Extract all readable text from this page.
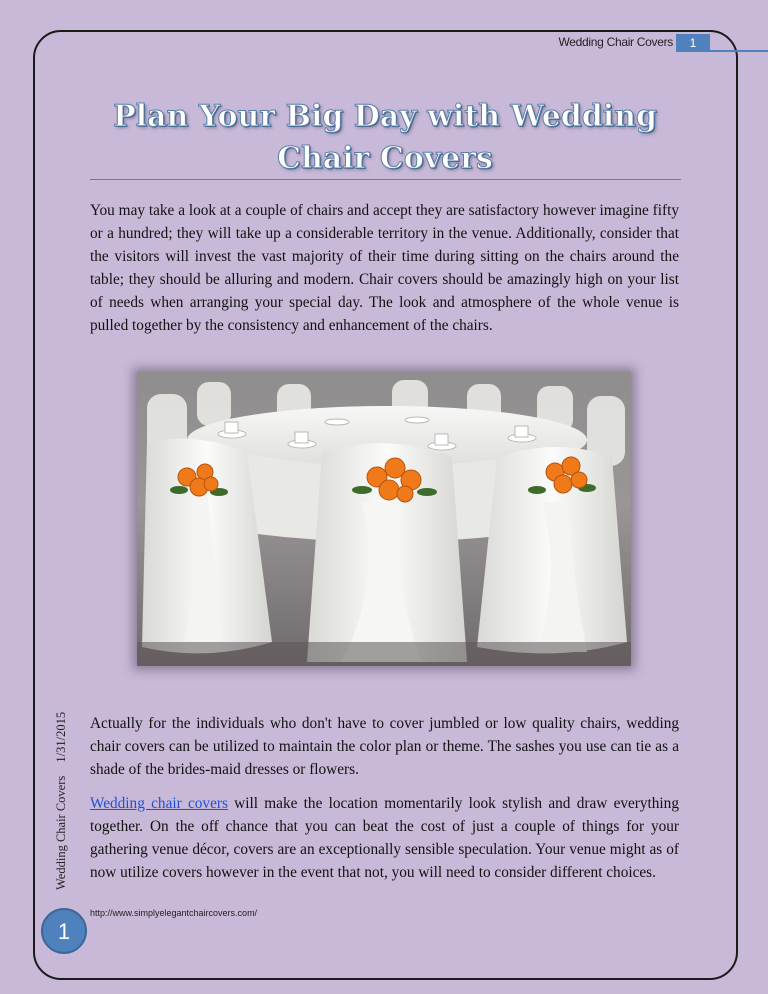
Wedding Chair Covers	1
Plan Your Big Day with Wedding Chair Covers

You may take a look at a couple of chairs and accept they are satisfactory however imagine fifty or a hundred; they will take up a considerable territory in the venue. Additionally, consider that the visitors will invest the vast majority of their time during sitting on the chairs around the table; they should be alluring and modern. Chair covers should be amazingly high on your list of needs when arranging your special day. The look and atmosphere of the whole venue is pulled together by the consistency and enhancement of the chairs.

Actually for the individuals who don't have to cover jumbled or low quality chairs, wedding chair covers can be utilized to maintain the color plan or theme. The sashes you use can tie as a shade of the brides-maid dresses or flowers.

Wedding chair covers will make the location momentarily look stylish and draw everything together. On the off chance that you can beat the cost of just a couple of things for your gathering venue décor, covers are an exceptionally sensible speculation. Your venue might as of now utilize covers however in the event that not, you will need to consider different choices.

http://www.simplyelegantchaircovers.com/
Wedding Chair Covers 1/31/2015
1
